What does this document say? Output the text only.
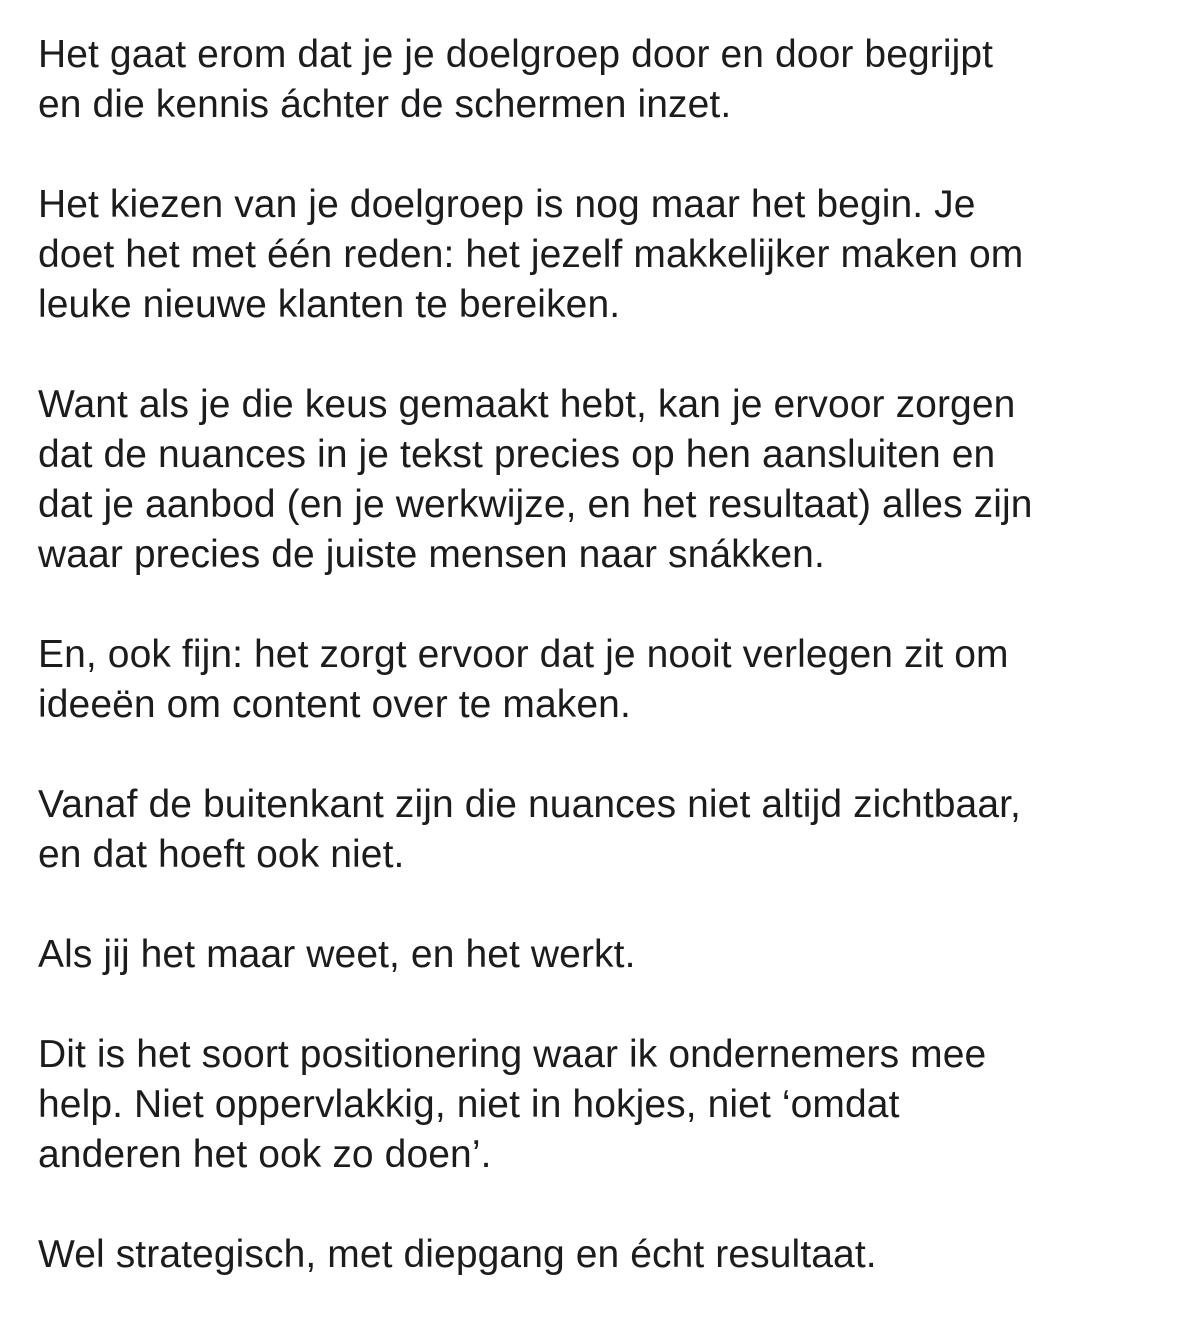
Het gaat erom dat je je doelgroep door en door begrijpt
en die kennis áchter de schermen inzet.

Het kiezen van je doelgroep is nog maar het begin. Je
doet het met één reden: het jezelf makkelijker maken om
leuke nieuwe klanten te bereiken.

Want als je die keus gemaakt hebt, kan je ervoor zorgen
dat de nuances in je tekst precies op hen aansluiten en
dat je aanbod (en je werkwijze, en het resultaat) alles zijn
waar precies de juiste mensen naar snákken.

En, ook fijn: het zorgt ervoor dat je nooit verlegen zit om
ideeën om content over te maken.

Vanaf de buitenkant zijn die nuances niet altijd zichtbaar,
en dat hoeft ook niet.

Als jij het maar weet, en het werkt.

Dit is het soort positionering waar ik ondernemers mee
help. Niet oppervlakkig, niet in hokjes, niet ‘omdat
anderen het ook zo doen’.

Wel strategisch, met diepgang en écht resultaat.
